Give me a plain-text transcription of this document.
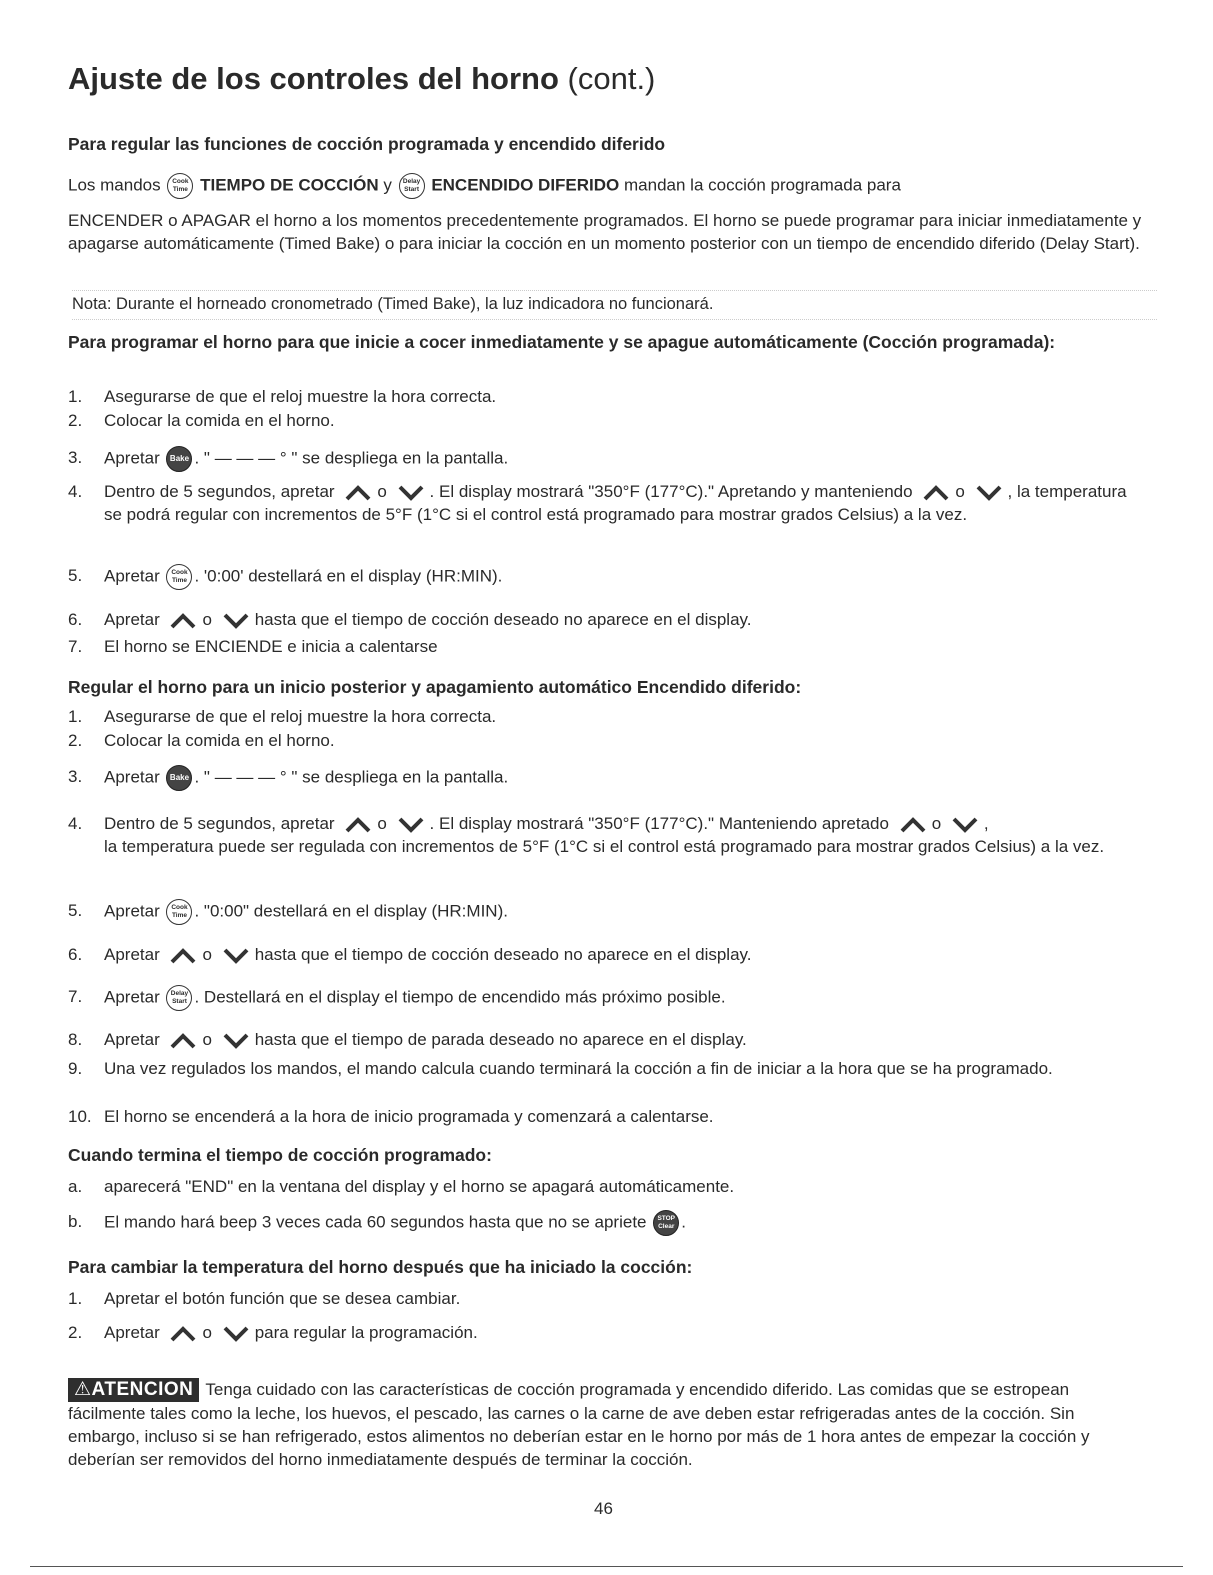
Ajuste de los controles del horno (cont.)
Para regular las funciones de cocción programada y encendido diferido
Los mandos Cook
Time TIEMPO DE COCCIÓN y Delay
Start ENCENDIDO DIFERIDO mandan la cocción programada para
ENCENDER o APAGAR el horno a los momentos precedentemente programados. El horno se puede programar para iniciar inmediatamente y apagarse automáticamente (Timed Bake) o para iniciar la cocción en un momento posterior con un tiempo de encendido diferido (Delay Start).
Nota: Durante el horneado cronometrado (Timed Bake), la luz indicadora no funcionará.
Para programar el horno para que inicie a cocer inmediatamente y se apague automáticamente (Cocción programada):
1.	Asegurarse de que el reloj muestre la hora correcta.
2.	Colocar la comida en el horno.
3.	Apretar Bake . " — — — ° " se despliega en la pantalla.
4.	Dentro de 5 segundos, apretar	o	. El display mostrará "350°F (177°C)." Apretando y manteniendo	o	, la temperatura se podrá regular con incrementos de 5°F (1°C si el control está programado para mostrar grados Celsius) a la vez.
5.	Apretar Cook
Time . '0:00' destellará en el display (HR:MIN).
6.	Apretar	o	hasta que el tiempo de cocción deseado no aparece en el display.
7.	El horno se ENCIENDE e inicia a calentarse
Regular el horno para un inicio posterior y apagamiento automático Encendido diferido:
1.	Asegurarse de que el reloj muestre la hora correcta.
2.	Colocar la comida en el horno.
3.	Apretar Bake . " — — — ° " se despliega en la pantalla.
4.	Dentro de 5 segundos, apretar	o	. El display mostrará "350°F (177°C)." Manteniendo apretado	o	,
la temperatura puede ser regulada con incrementos de 5°F (1°C si el control está programado para mostrar grados Celsius) a la vez.
5.	Apretar Cook
Time . "0:00" destellará en el display (HR:MIN).
6.	Apretar	o	hasta que el tiempo de cocción deseado no aparece en el display.
7.	Apretar Delay
Start . Destellará en el display el tiempo de encendido más próximo posible.
8.	Apretar	o	hasta que el tiempo de parada deseado no aparece en el display.
9.	Una vez regulados los mandos, el mando calcula cuando terminará la cocción a fin de iniciar a la hora que se ha programado.
10. El horno se encenderá a la hora de inicio programada y comenzará a calentarse.
Cuando termina el tiempo de cocción programado:
a.	aparecerá "END" en la ventana del display y el horno se apagará automáticamente.
b.	El mando hará beep 3 veces cada 60 segundos hasta que no se apriete STOP
Clear .
Para cambiar la temperatura del horno después que ha iniciado la cocción:
1.	Apretar el botón función que se desea cambiar.
2.	Apretar	o	para regular la programación.
⚠ATENCION Tenga cuidado con las características de cocción programada y encendido diferido. Las comidas que se estropean fácilmente tales como la leche, los huevos, el pescado, las carnes o la carne de ave deben estar refrigeradas antes de la cocción. Sin embargo, incluso si se han refrigerado, estos alimentos no deberían estar en le horno por más de 1 hora antes de empezar la cocción y deberían ser removidos del horno inmediatamente después de terminar la cocción.
46
